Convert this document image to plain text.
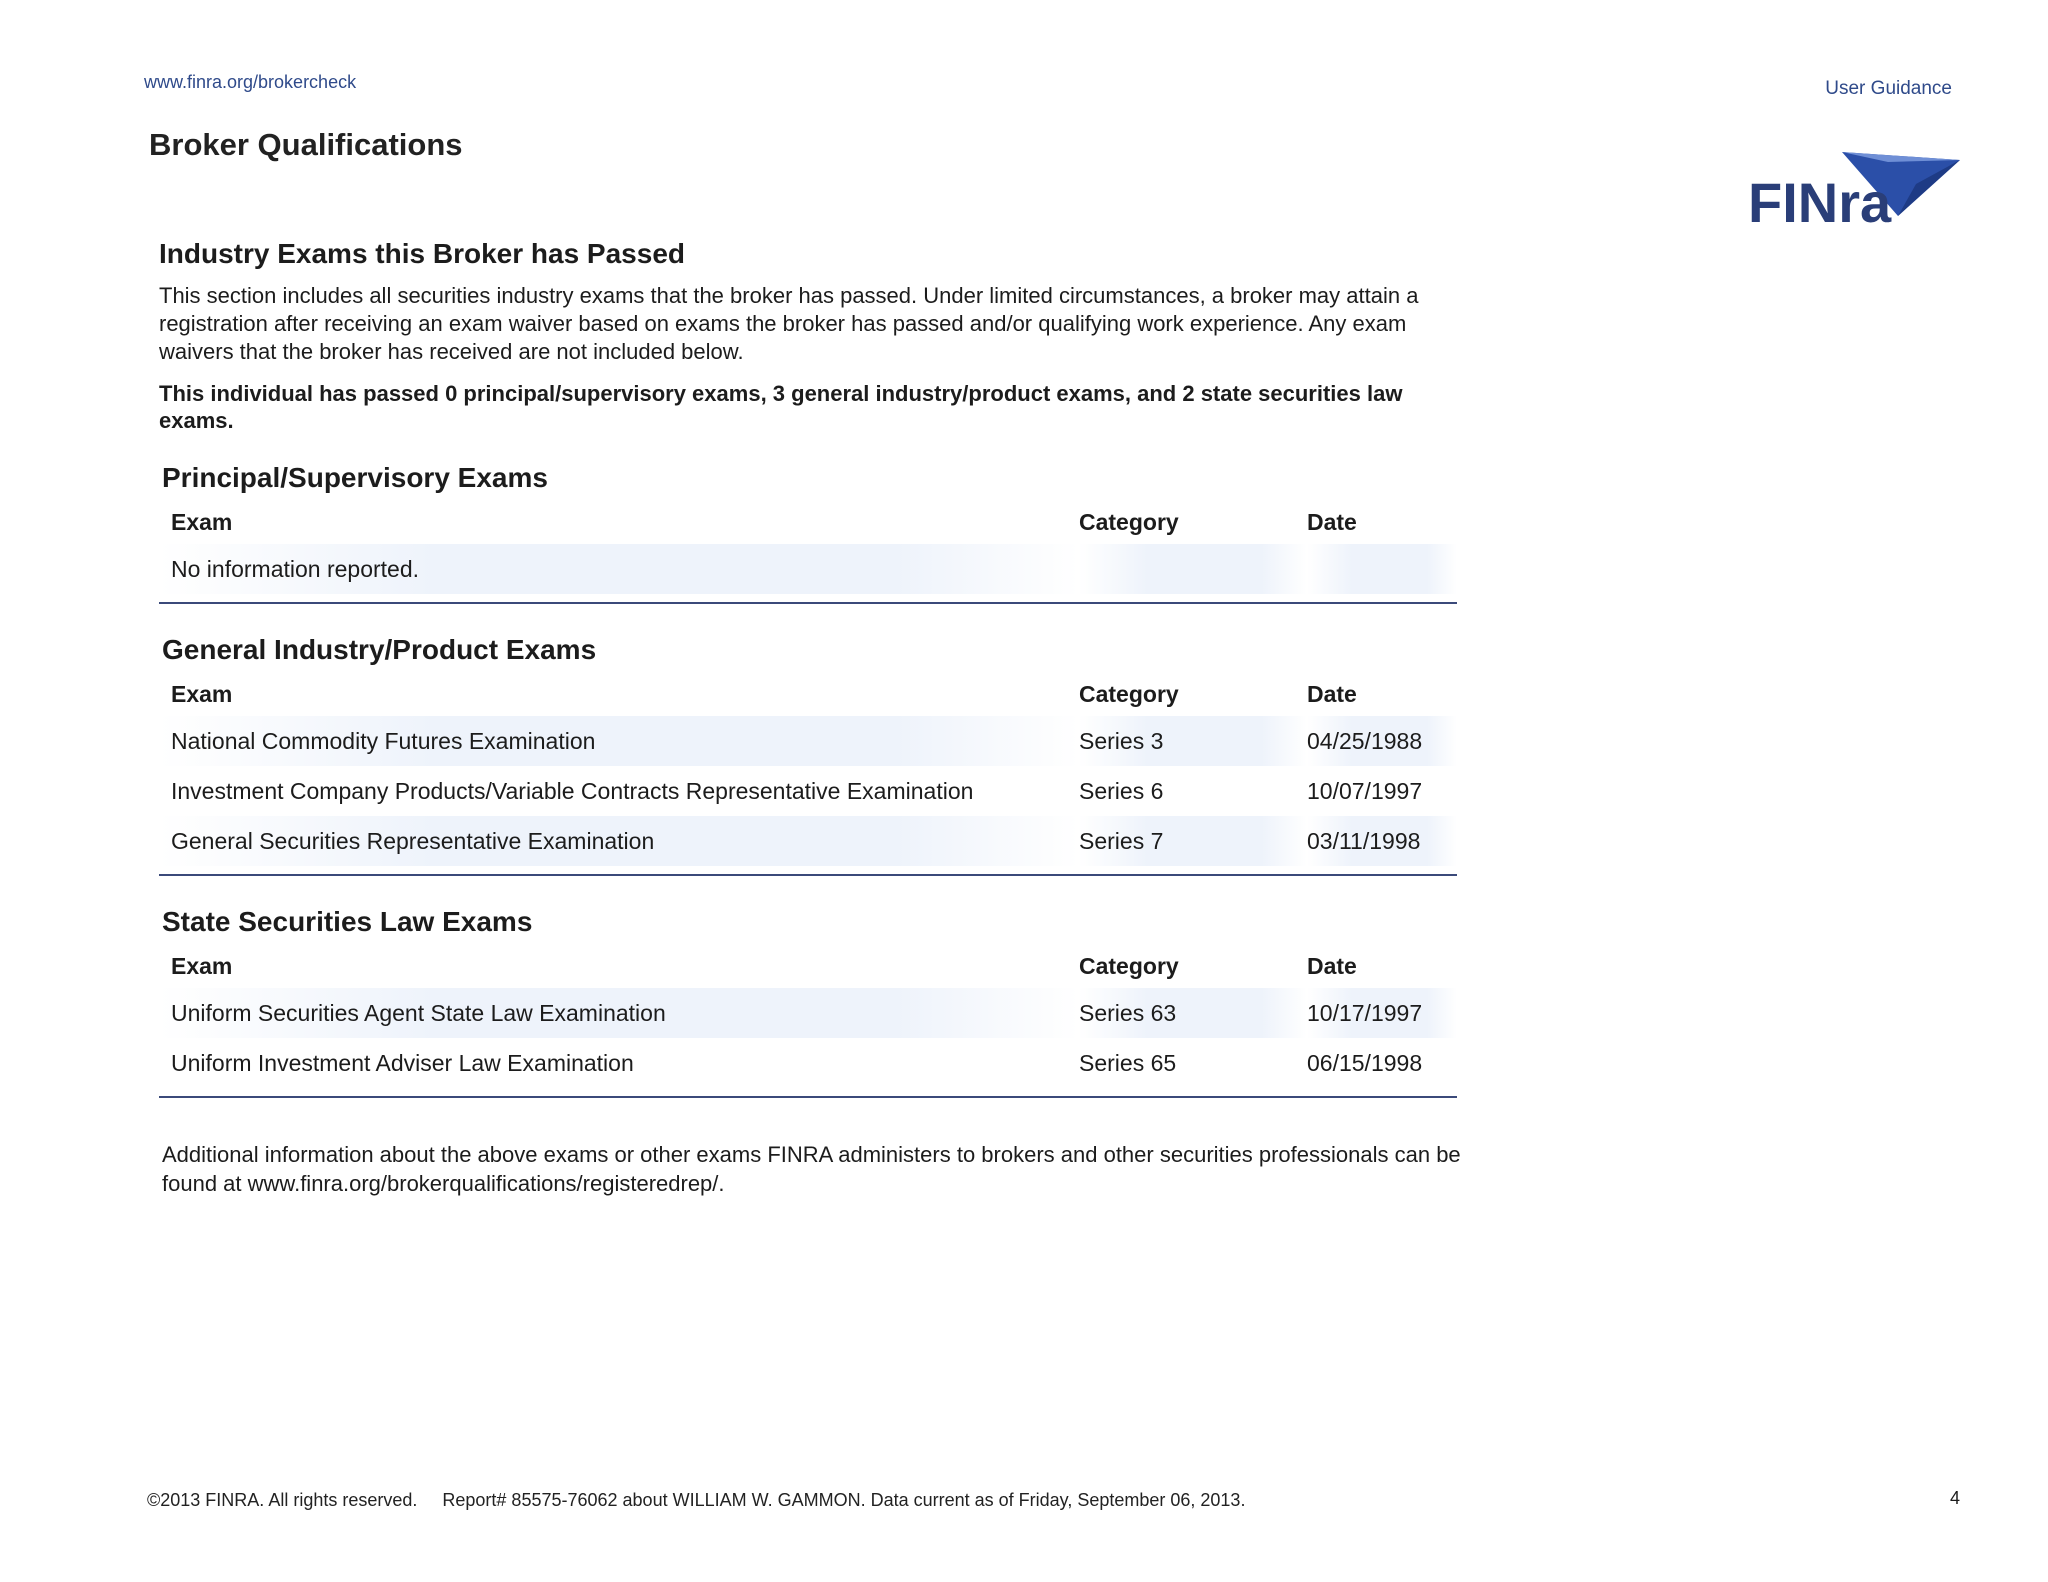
www.finra.org/brokercheck	User Guidance
FINra
Broker Qualifications
Industry Exams this Broker has Passed
This section includes all securities industry exams that the broker has passed. Under limited circumstances, a broker may attain a registration after receiving an exam waiver based on exams the broker has passed and/or qualifying work experience. Any exam waivers that the broker has received are not included below.
This individual has passed 0 principal/supervisory exams, 3 general industry/product exams, and 2 state securities law exams.
Principal/Supervisory Exams
Exam	Category	Date
No information reported.		
General Industry/Product Exams
Exam	Category	Date
National Commodity Futures Examination	Series 3	04/25/1988
Investment Company Products/Variable Contracts Representative Examination	Series 6	10/07/1997
General Securities Representative Examination	Series 7	03/11/1998
State Securities Law Exams
Exam	Category	Date
Uniform Securities Agent State Law Examination	Series 63	10/17/1997
Uniform Investment Adviser Law Examination	Series 65	06/15/1998
Additional information about the above exams or other exams FINRA administers to brokers and other securities professionals can be found at www.finra.org/brokerqualifications/registeredrep/.
©2013 FINRA. All rights reserved. Report# 85575-76062 about WILLIAM W. GAMMON. Data current as of Friday, September 06, 2013.	4
